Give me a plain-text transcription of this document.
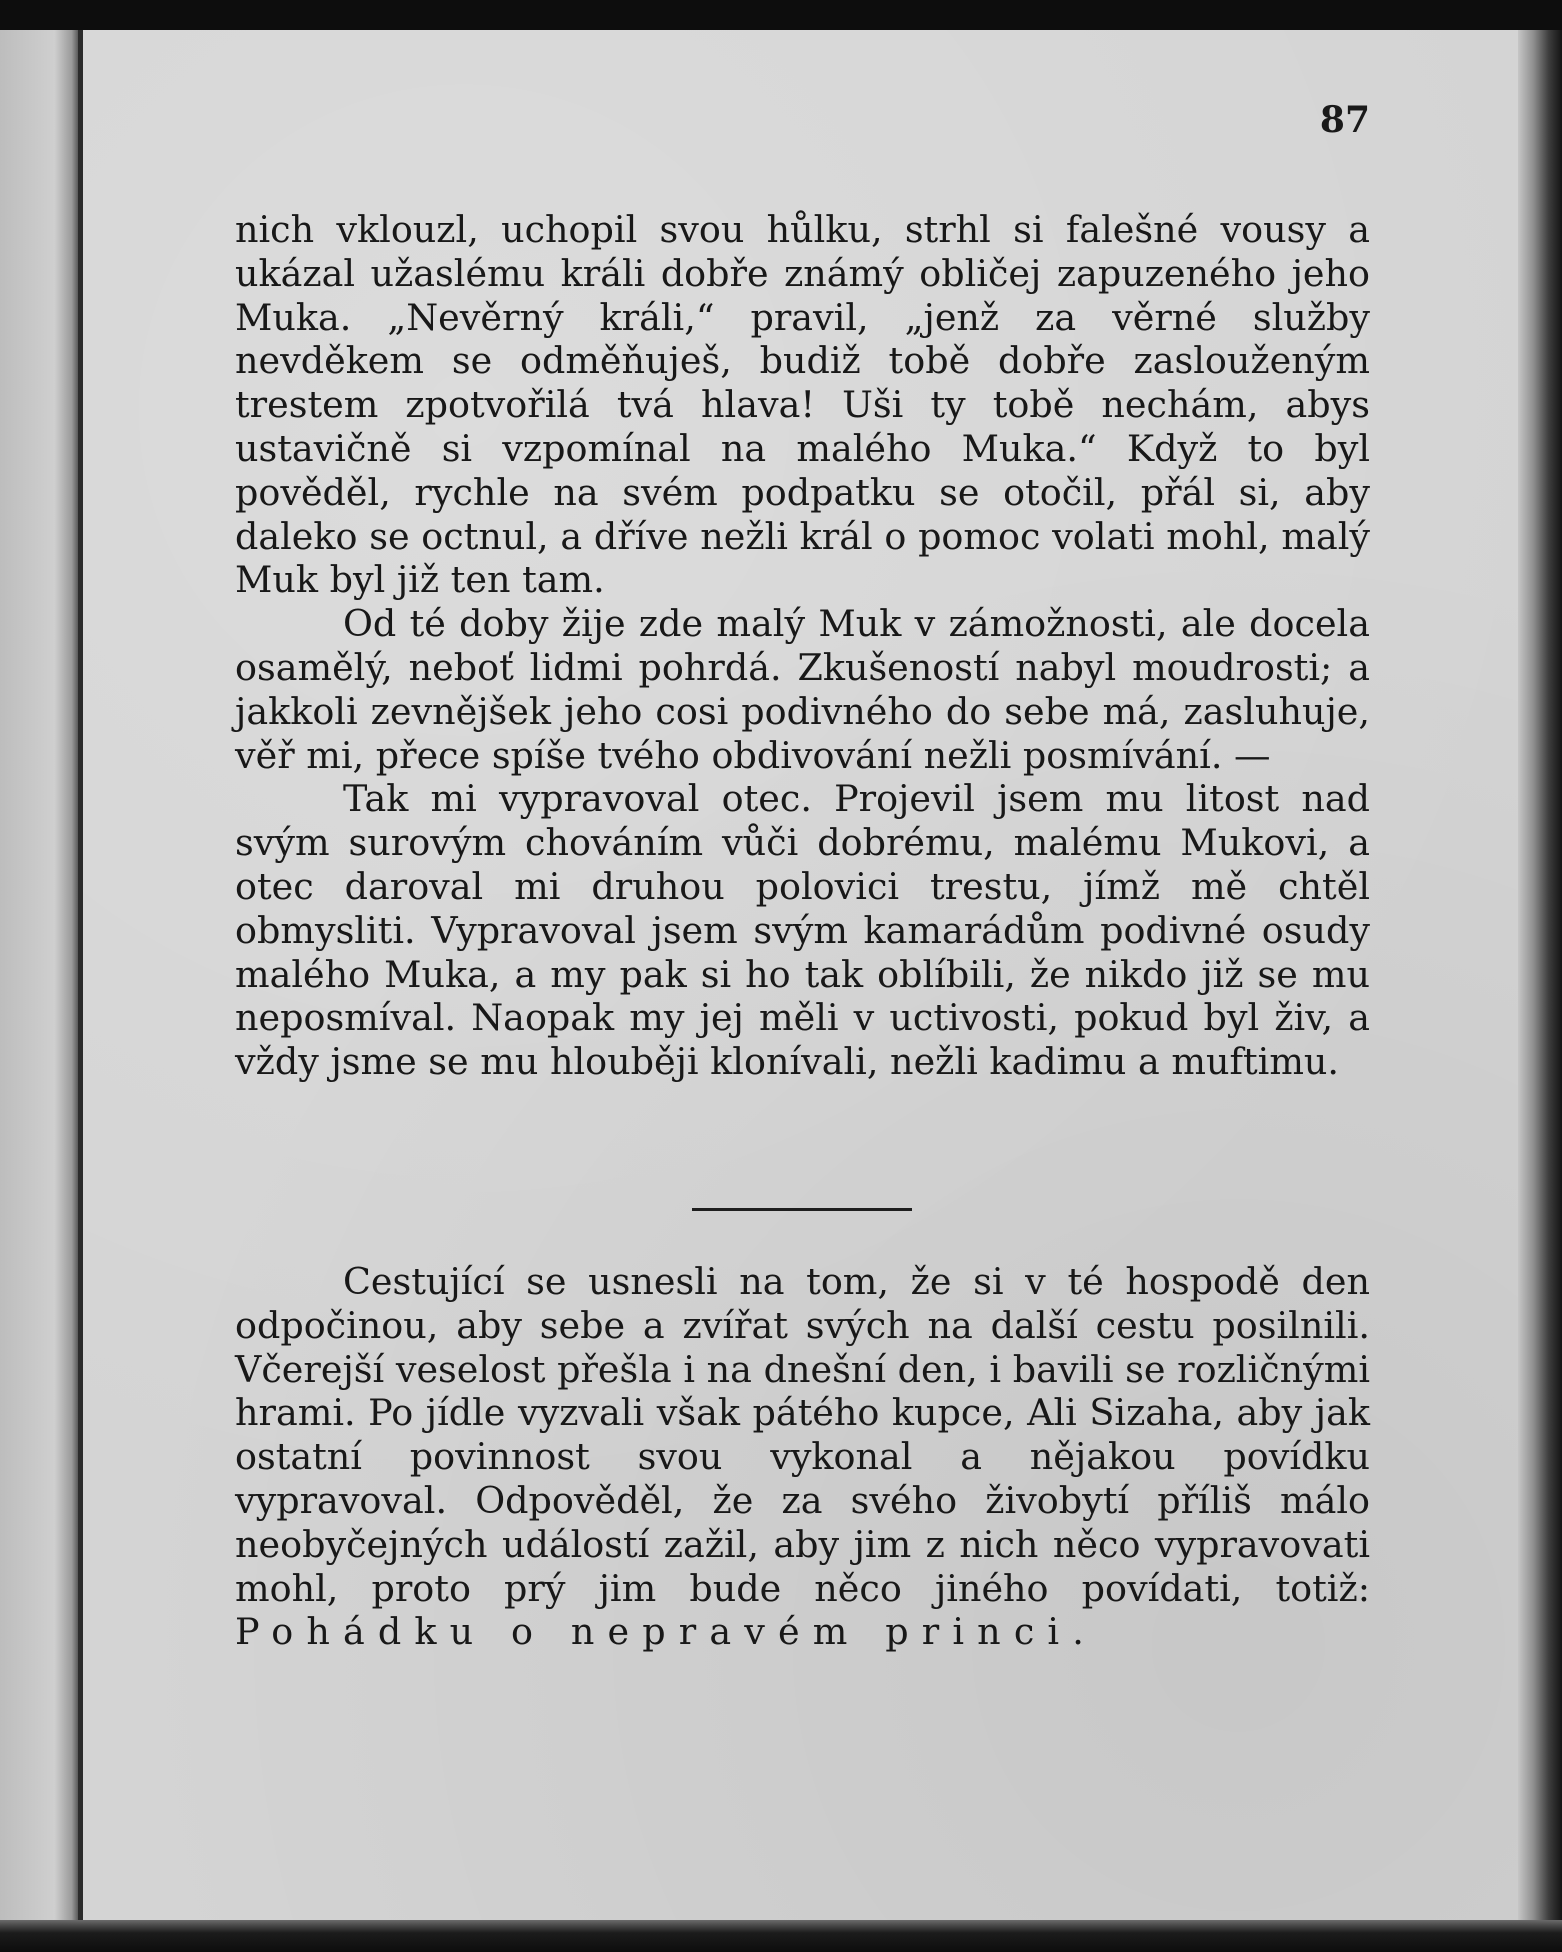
87

nich vklouzl, uchopil svou hůlku, strhl si falešné vousy a ukázal užaslému králi dobře známý obličej zapuzeného jeho Muka. „Nevěrný králi,“ pravil, „jenž za věrné služby nevděkem se odměňuješ, budiž tobě dobře zaslouženým trestem zpotvořilá tvá hlava! Uši ty tobě nechám, abys ustavičně si vzpomínal na malého Muka.“ Když to byl pověděl, rychle na svém podpatku se otočil, přál si, aby daleko se octnul, a dříve nežli král o pomoc volati mohl, malý Muk byl již ten tam.

Od té doby žije zde malý Muk v zámožnosti, ale docela osamělý, neboť lidmi pohrdá. Zkušeností nabyl moudrosti; a jakkoli zevnějšek jeho cosi podivného do sebe má, zasluhuje, věř mi, přece spíše tvého obdivování nežli posmívání. —

Tak mi vypravoval otec. Projevil jsem mu litost nad svým surovým chováním vůči dobrému, malému Mukovi, a otec daroval mi druhou polovici trestu, jímž mě chtěl obmysliti. Vypravoval jsem svým kamarádům podivné osudy malého Muka, a my pak si ho tak oblíbili, že nikdo již se mu neposmíval. Naopak my jej měli v uctivosti, pokud byl živ, a vždy jsme se mu hlouběji klonívali, nežli kadimu a muftimu.

Cestující se usnesli na tom, že si v té hospodě den odpočinou, aby sebe a zvířat svých na další cestu posilnili. Včerejší veselost přešla i na dnešní den, i bavili se rozličnými hrami. Po jídle vyzvali však pátého kupce, Ali Sizaha, aby jak ostatní povinnost svou vykonal a nějakou povídku vypravoval. Odpověděl, že za svého živobytí příliš málo neobyčejných událostí zažil, aby jim z nich něco vypravovati mohl, proto prý jim bude něco jiného povídati, totiž: Pohádku o nepravém princi.
